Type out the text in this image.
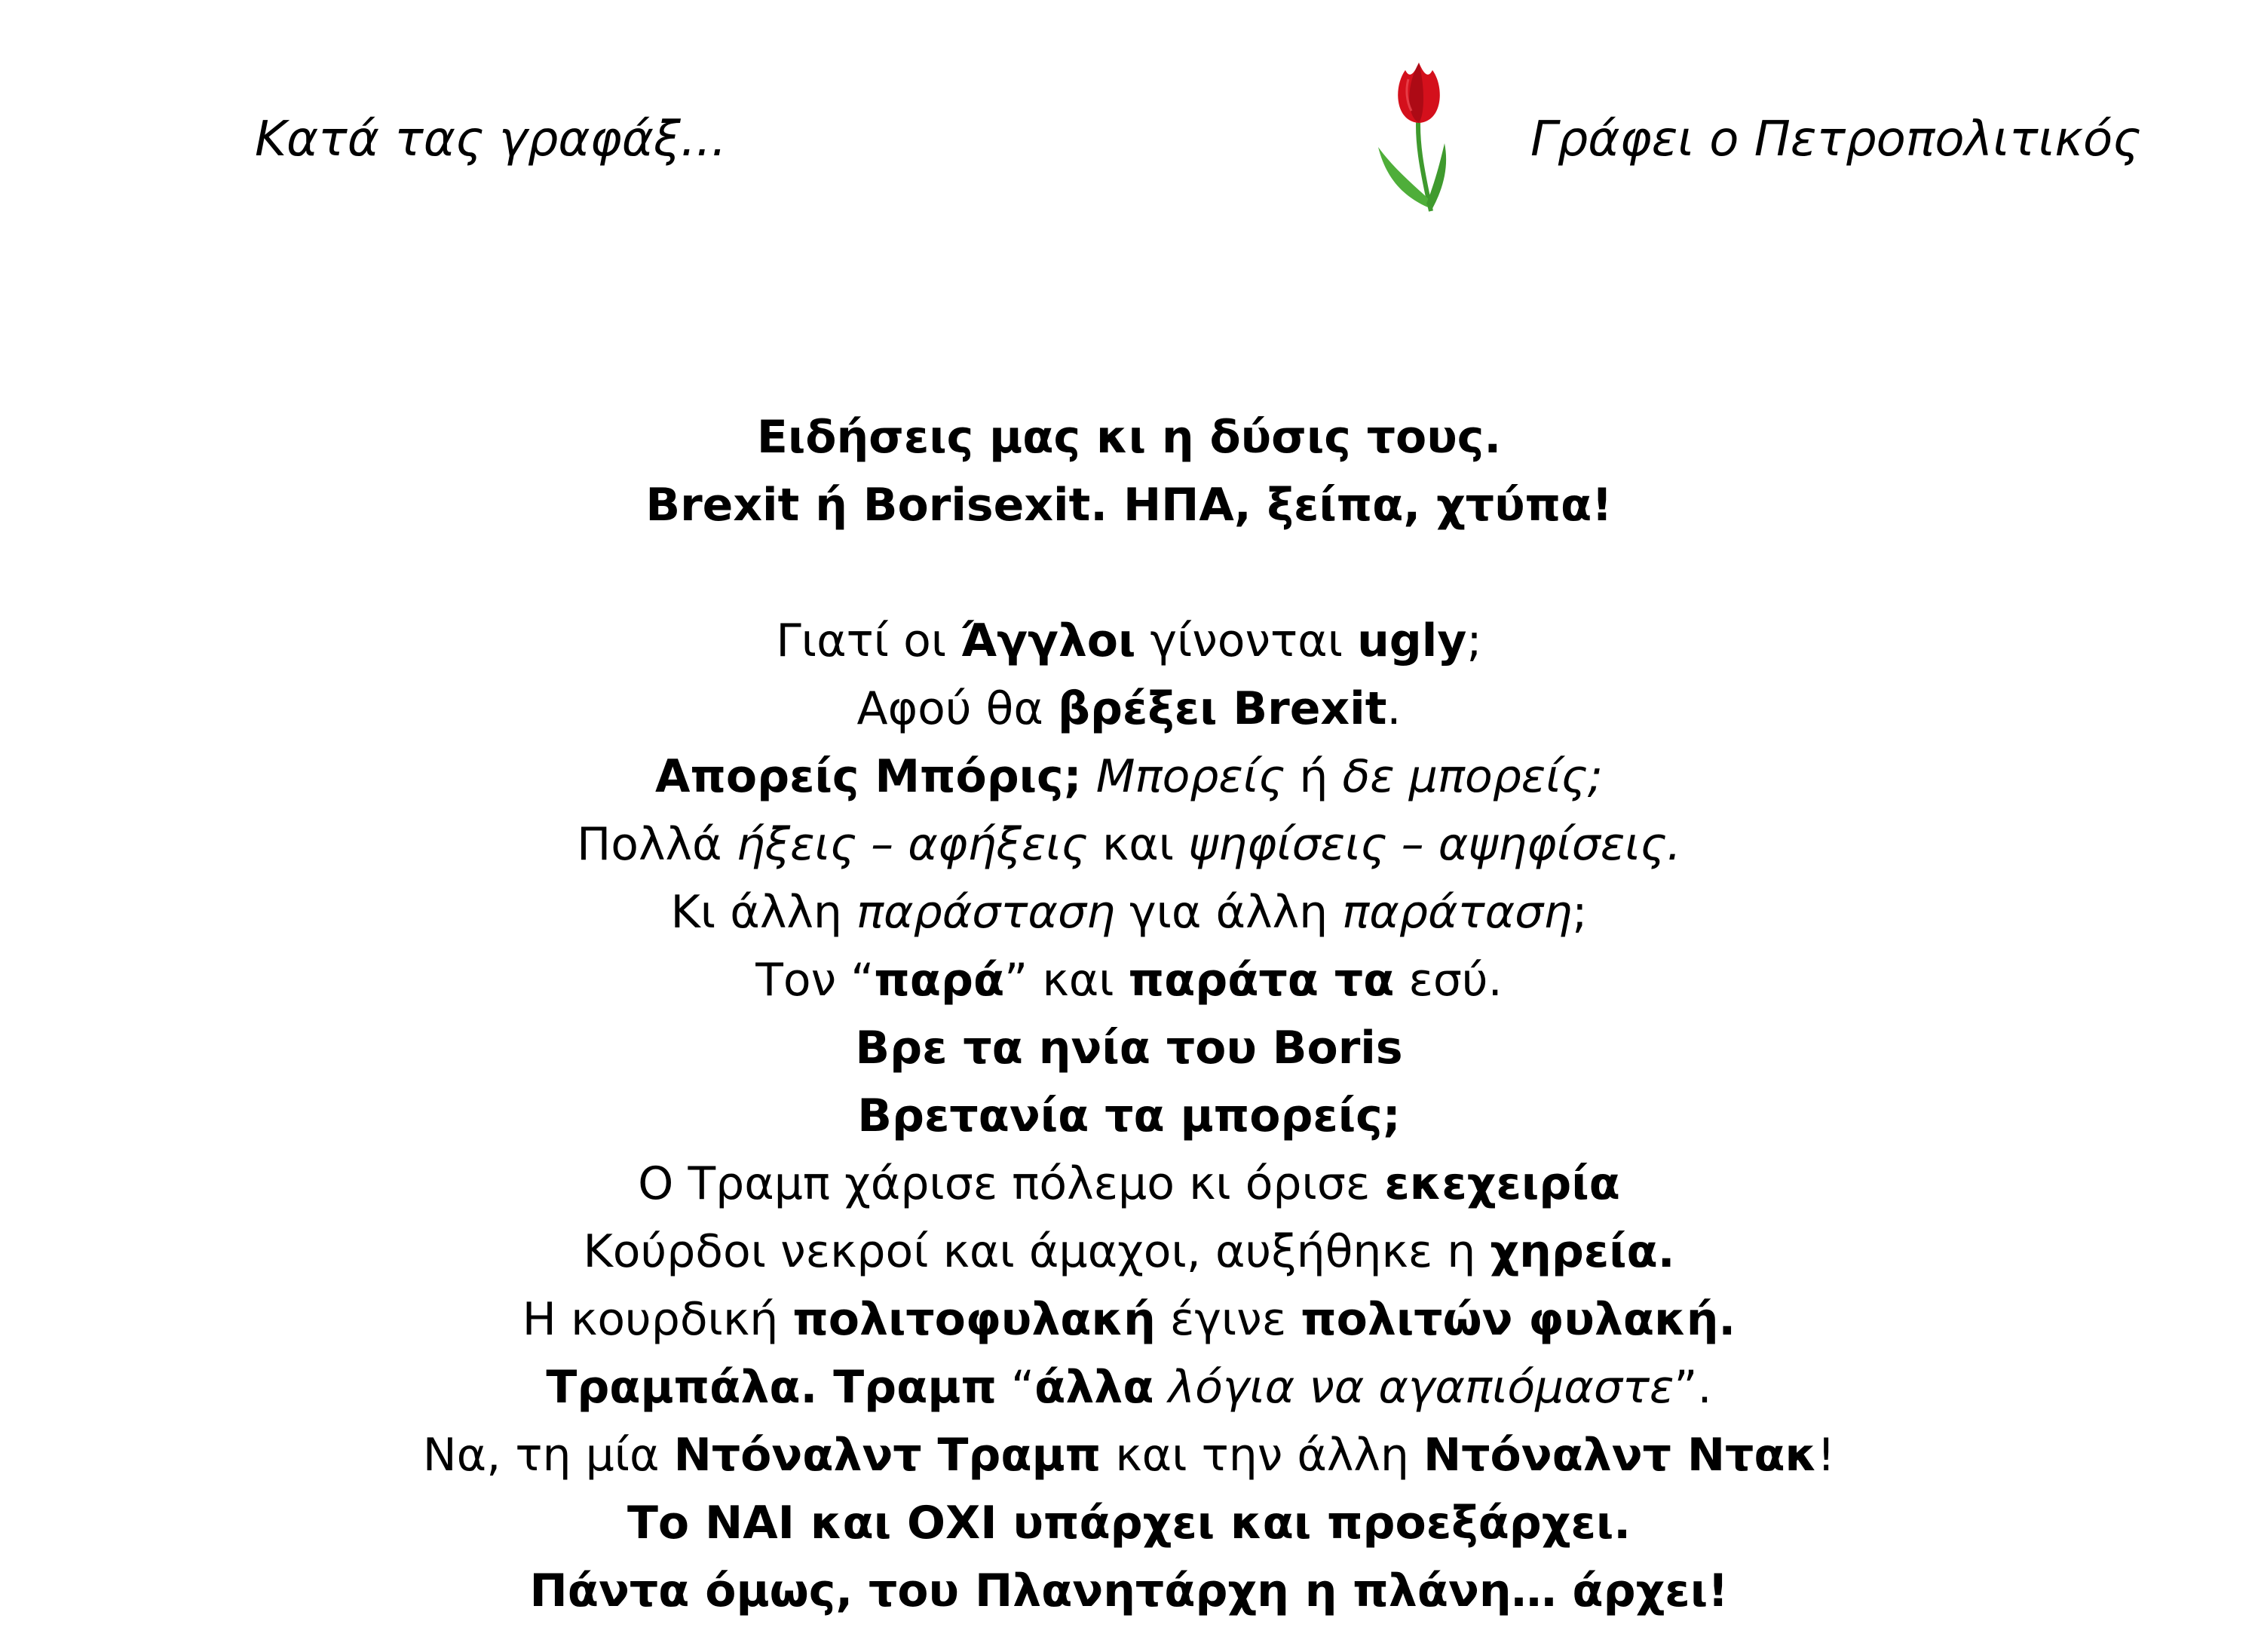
Κατά τας γραφάξ...	Γράφει ο Πετροπολιτικός
Ειδήσεις μας κι η δύσις τους.
Brexit ή Borisexit. ΗΠΑ, ξείπα, χτύπα!
Γιατί οι Άγγλοι γίνονται ugly;
Αφού θα βρέξει Brexit.
Απορείς Μπόρις; Μπορείς ή δε μπορείς;
Πολλά ήξεις – αφήξεις και ψηφίσεις – αψηφίσεις.
Κι άλλη παράσταση για άλλη παράταση;
Τον “παρά” και παράτα τα εσύ.
Βρε τα ηνία του Boris
Βρετανία τα μπορείς;
Ο Τραμπ χάρισε πόλεμο κι όρισε εκεχειρία
Κούρδοι νεκροί και άμαχοι, αυξήθηκε η χηρεία.
Η κουρδική πολιτοφυλακή έγινε πολιτών φυλακή.
Τραμπάλα. Τραμπ “άλλα λόγια να αγαπιόμαστε”.
Να, τη μία Ντόναλντ Τραμπ και την άλλη Ντόναλντ Ντακ!
Το ΝΑΙ και ΟΧΙ υπάρχει και προεξάρχει.
Πάντα όμως, του Πλανητάρχη η πλάνη… άρχει!
